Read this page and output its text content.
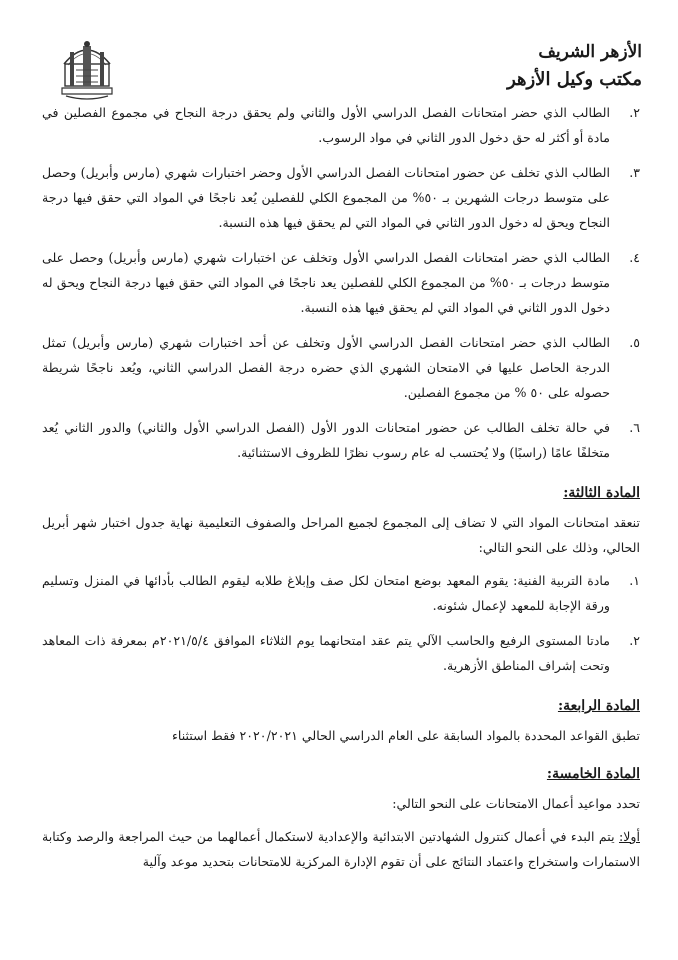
الأزهر الشريف
مكتب وكيل الأزهر
٢.
الطالب الذي حضر امتحانات الفصل الدراسي الأول والثاني ولم يحقق درجة النجاح في مجموع الفصلين في مادة أو أكثر له حق دخول الدور الثاني في مواد الرسوب.
٣.
الطالب الذي تخلف عن حضور امتحانات الفصل الدراسي الأول وحضر اختبارات شهري (مارس وأبريل) وحصل على متوسط درجات الشهرين بـ ٥٠% من المجموع الكلي للفصلين يُعد ناجحًا في المواد التي حقق فيها درجة النجاح ويحق له دخول الدور الثاني في المواد التي لم يحقق فيها هذه النسبة.
٤.
الطالب الذي حضر امتحانات الفصل الدراسي الأول وتخلف عن اختبارات شهري (مارس وأبريل) وحصل على متوسط درجات بـ ٥٠% من المجموع الكلي للفصلين يعد ناجحًا في المواد التي حقق فيها درجة النجاح ويحق له دخول الدور الثاني في المواد التي لم يحقق فيها هذه النسبة.
٥.
الطالب الذي حضر امتحانات الفصل الدراسي الأول وتخلف عن أحد اختبارات شهري (مارس وأبريل) تمثل الدرجة الحاصل عليها في الامتحان الشهري الذي حضره درجة الفصل الدراسي الثاني، ويُعد ناجحًا شريطة حصوله على ٥٠ % من مجموع الفصلين.
٦.
في حالة تخلف الطالب عن حضور امتحانات الدور الأول (الفصل الدراسي الأول والثاني) والدور الثاني يُعد متخلفًا عامًا (راسبًا) ولا يُحتسب له عام رسوب نظرًا للظروف الاستثنائية.
المادة الثالثة:
تنعقد امتحانات المواد التي لا تضاف إلى المجموع لجميع المراحل والصفوف التعليمية نهاية جدول اختبار شهر أبريل الحالي، وذلك على النحو التالي:
١.
مادة التربية الفنية: يقوم المعهد بوضع امتحان لكل صف وإبلاغ طلابه ليقوم الطالب بأدائها في المنزل وتسليم ورقة الإجابة للمعهد لإعمال شئونه.
٢.
مادتا المستوى الرفيع والحاسب الآلي يتم عقد امتحانهما يوم الثلاثاء الموافق ٢٠٢١/٥/٤م بمعرفة ذات المعاهد وتحت إشراف المناطق الأزهرية.
المادة الرابعة:
تطبق القواعد المحددة بالمواد السابقة على العام الدراسي الحالي ٢٠٢٠/٢٠٢١ فقط استثناء
المادة الخامسة:
تحدد مواعيد أعمال الامتحانات على النحو التالي:
أولا: يتم البدء في أعمال كنترول الشهادتين الابتدائية والإعدادية لاستكمال أعمالهما من حيث المراجعة والرصد وكتابة الاستمارات واستخراج واعتماد النتائج على أن تقوم الإدارة المركزية للامتحانات بتحديد موعد وآلية
